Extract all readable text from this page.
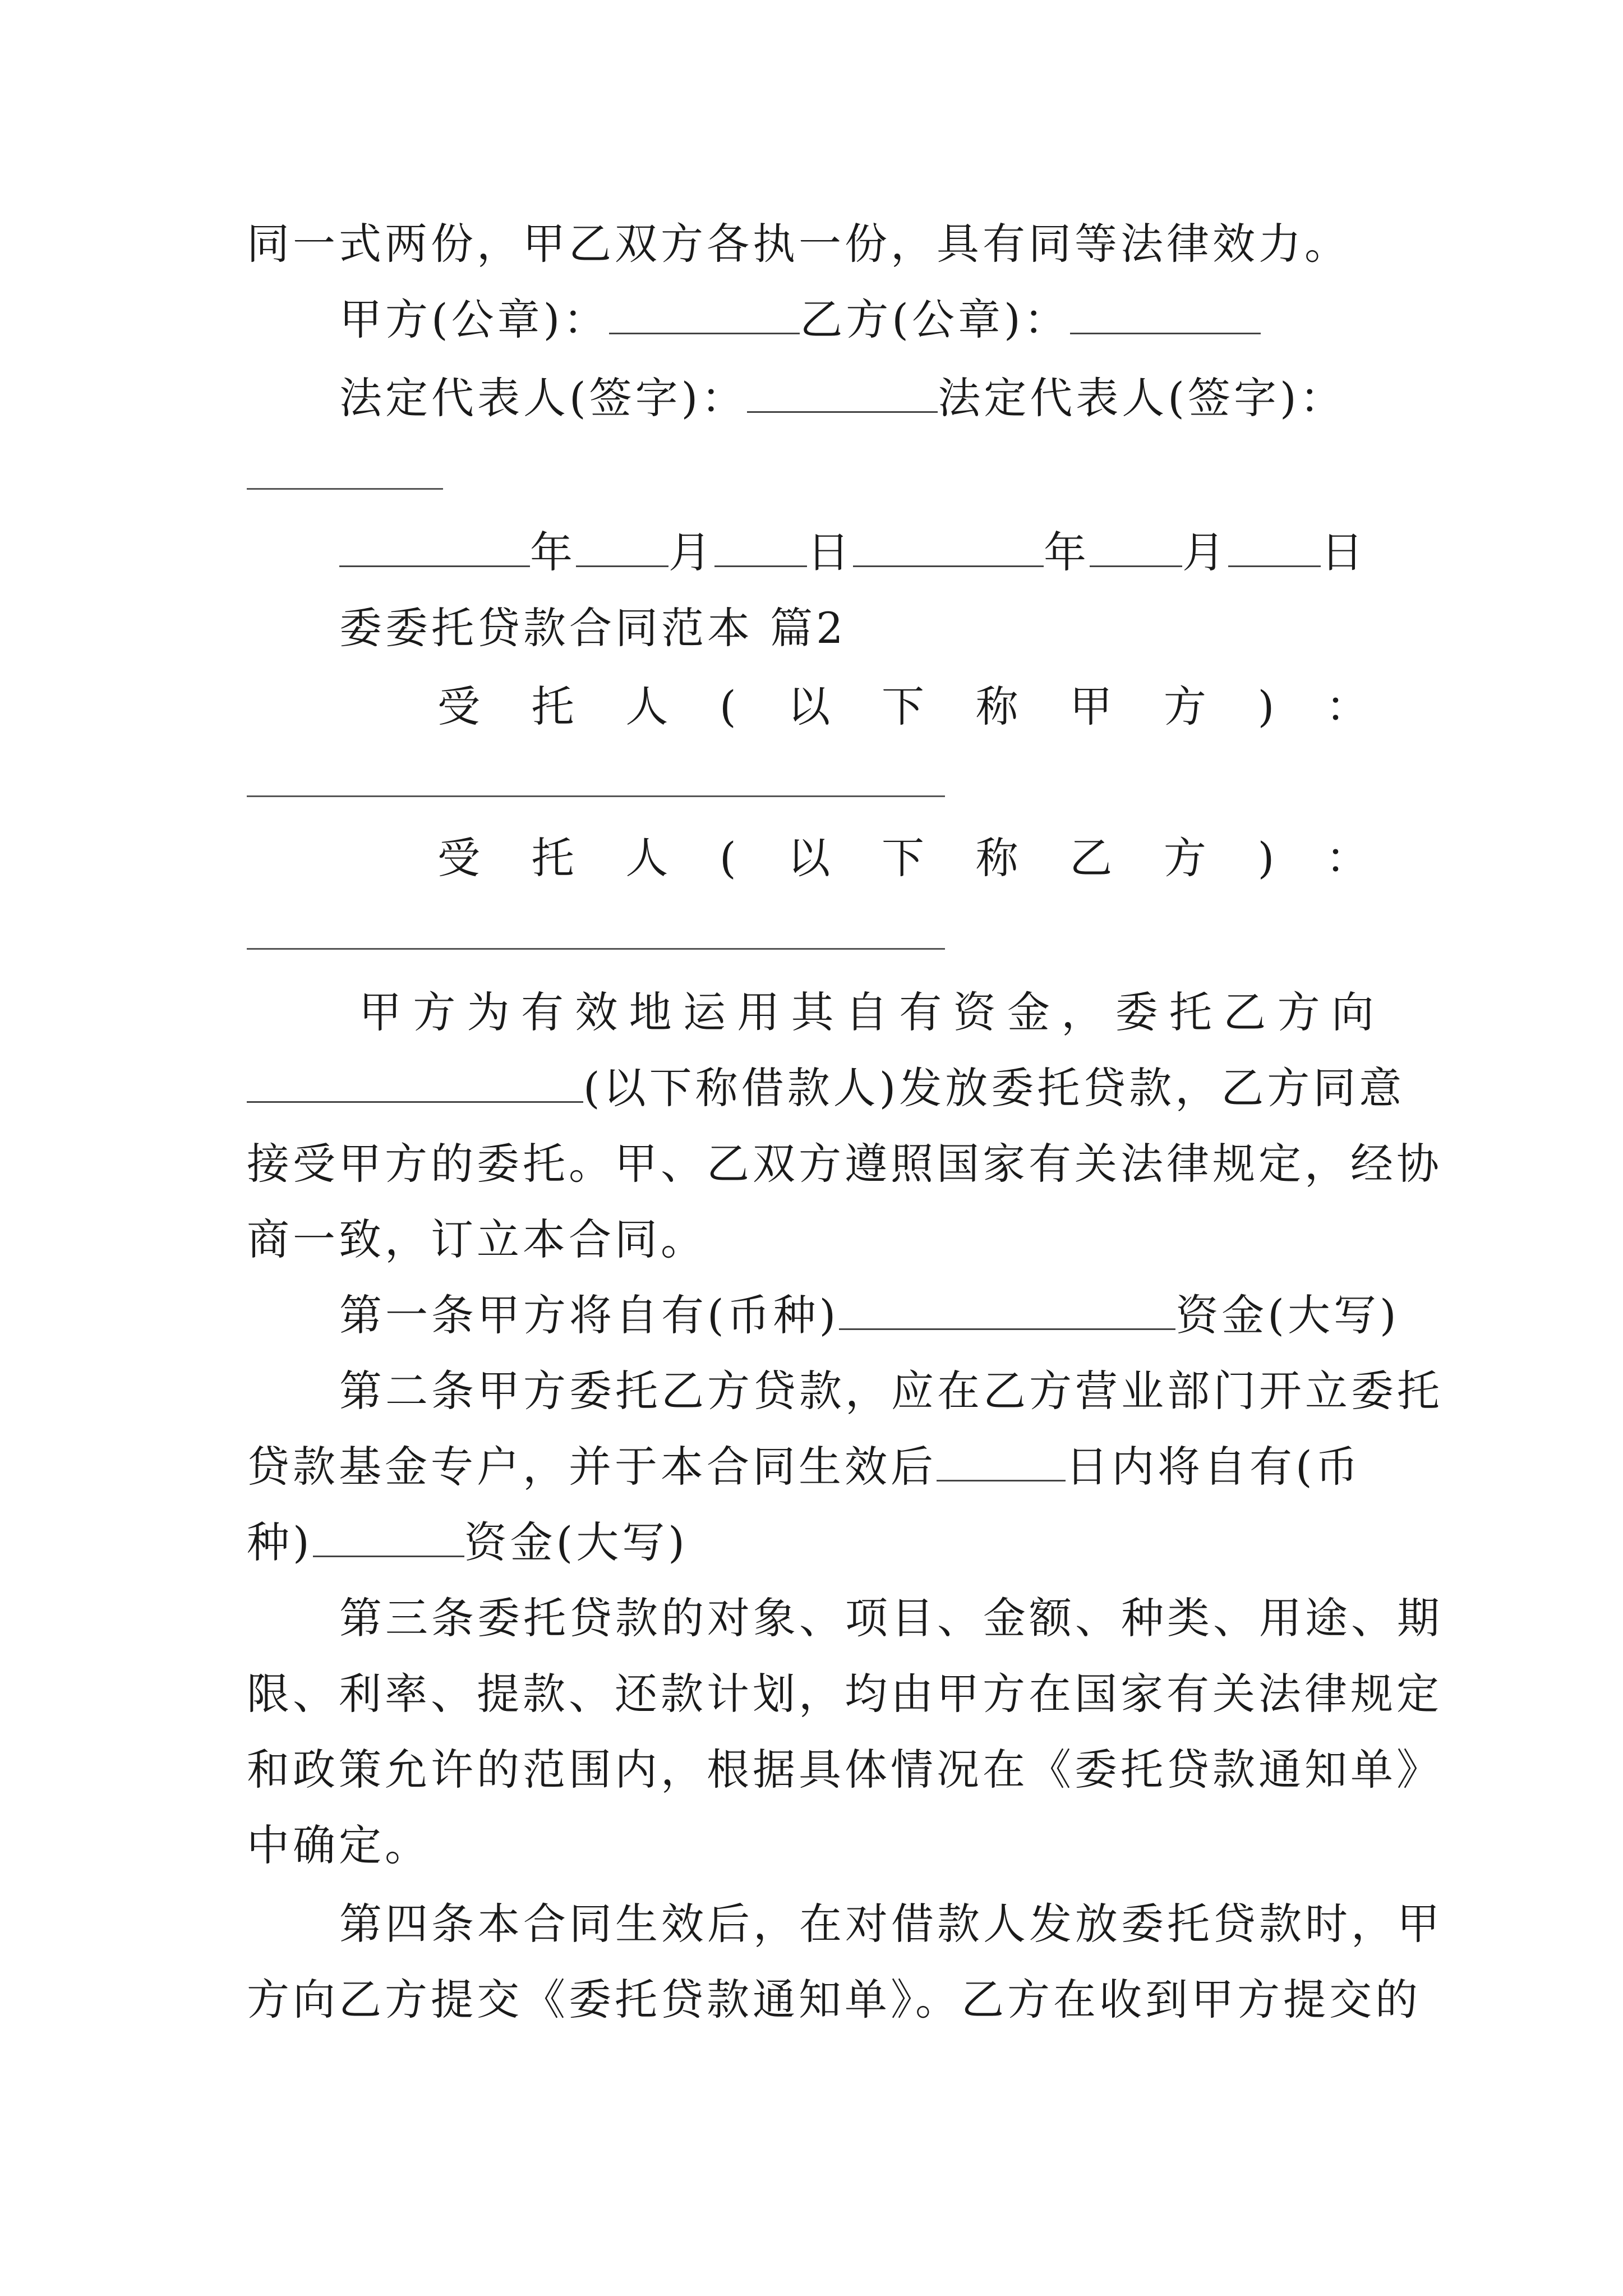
同一式两份，甲乙双方各执一份，具有同等法律效力。
甲方(公章)：	乙方(公章)：
法定代表人(签字)：	法定代表人(签字)：
年 月 日	年 月 日
委委托贷款合同范本 篇2
受 托 人 ( 以 下 称 甲 方 ) ：
受 托 人 ( 以 下 称 乙 方 ) ：
甲 方 为 有 效 地 运 用 其 自 有 资 金 ， 委 托 乙 方 向
(以下称借款人)发放委托贷款，乙方同意
接受甲方的委托。甲、乙双方遵照国家有关法律规定，经协
商一致，订立本合同。
第一条甲方将自有(币种)	资金(大写)
第二条甲方委托乙方贷款，应在乙方营业部门开立委托
贷款基金专户，并于本合同生效后	日内将自有(币
种)	资金(大写)
第三条委托贷款的对象、项目、金额、种类、用途、期
限、利率、提款、还款计划，均由甲方在国家有关法律规定
和政策允许的范围内，根据具体情况在《委托贷款通知单》
中确定。
第四条本合同生效后，在对借款人发放委托贷款时，甲
方向乙方提交《委托贷款通知单》。乙方在收到甲方提交的
